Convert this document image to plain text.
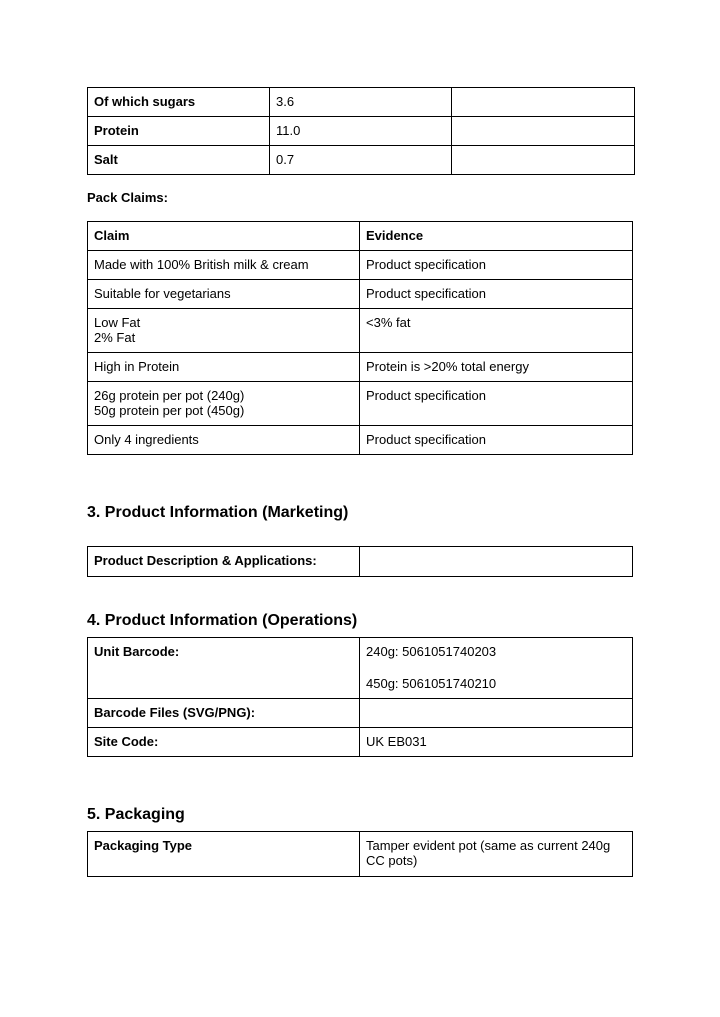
Of which sugars	3.6	
Protein	11.0	
Salt	0.7	
Pack Claims:
Claim	Evidence

Made with 100% British milk & cream	Product specification

Suitable for vegetarians	Product specification

Low Fat
2% Fat	<3% fat

High in Protein	Protein is >20% total energy

26g protein per pot (240g)
50g protein per pot (450g)	Product specification

Only 4 ingredients	Product specification
3. Product Information (Marketing)
Product Description & Applications:	
4. Product Information (Operations)
Unit Barcode:	240g: 5061051740203
450g: 5061051740210

Barcode Files (SVG/PNG):	
Site Code:	UK EB031
5. Packaging
Packaging Type	Tamper evident pot (same as current 240g
CC pots)
